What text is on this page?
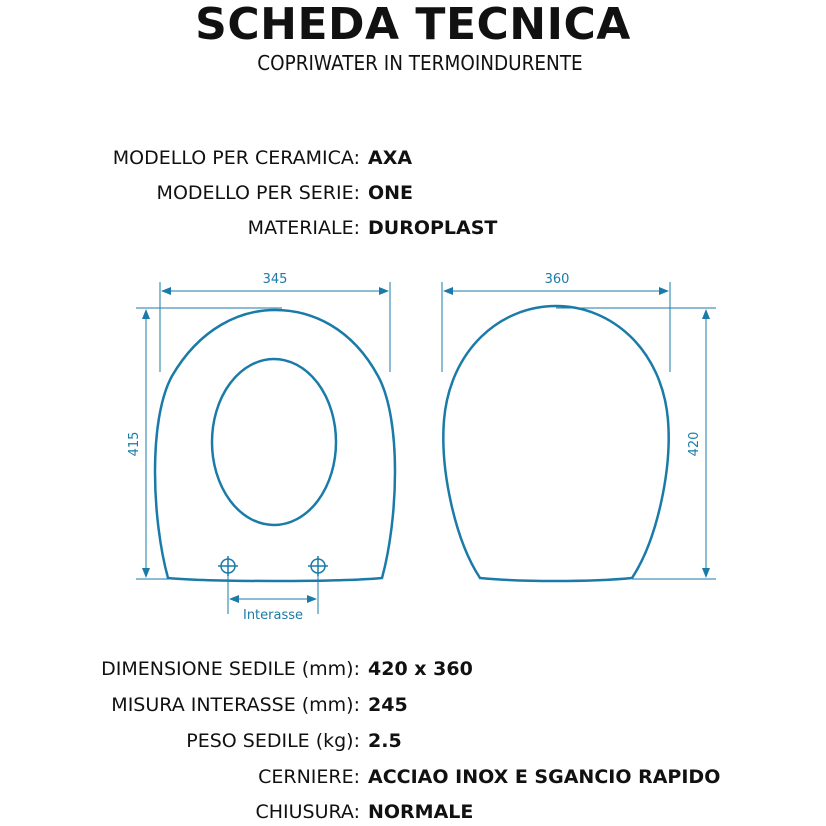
SCHEDA TECNICA
COPRIWATER IN TERMOINDURENTE
MODELLO PER CERAMICA: AXA
MODELLO PER SERIE: ONE
MATERIALE: DUROPLAST
345
415
Interasse
360
420
DIMENSIONE SEDILE (mm): 420 x 360
MISURA INTERASSE (mm): 245
PESO SEDILE (kg): 2.5
CERNIERE: ACCIAO INOX E SGANCIO RAPIDO
CHIUSURA: NORMALE
